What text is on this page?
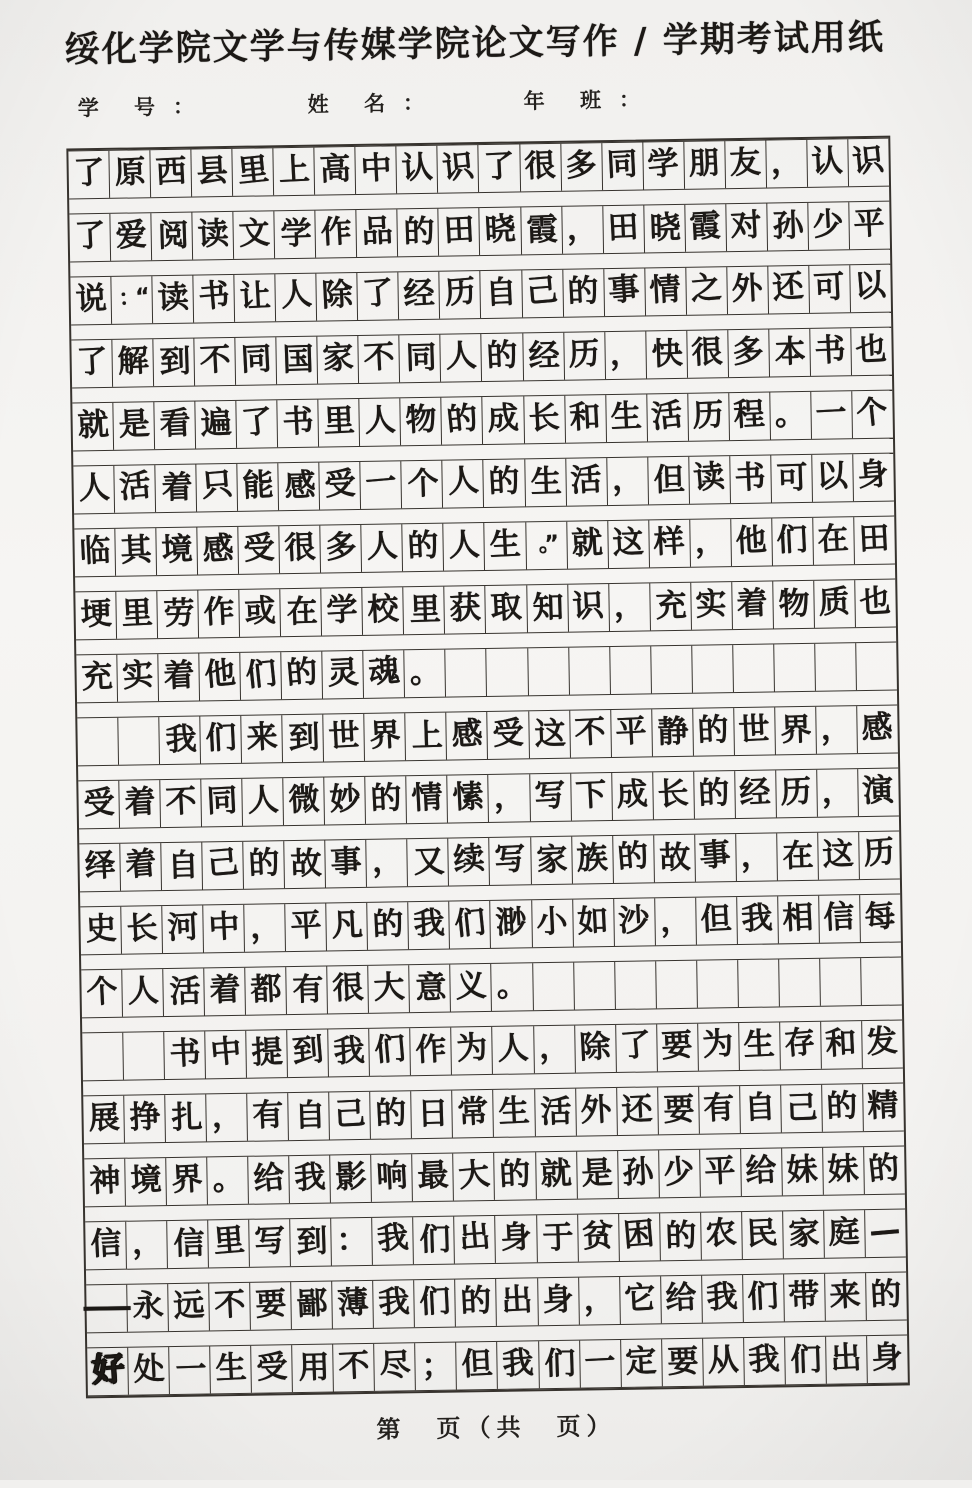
绥化学院文学与传媒学院论文写作 / 学期考试用纸
学 号 ：	姓 名 ：	年 班 ：
了 原 西 县 里 上 高 中 认 识 了 很 多 同 学 朋 友 ， 认 识
了 爱 阅 读 文 学 作 品 的 田 晓 霞 ， 田 晓 霞 对 孙 少 平
说 ：“ 读 书 让 人 除 了 经 历 自 己 的 事 情 之 外 还 可 以
了 解 到 不 同 国 家 不 同 人 的 经 历 ， 快 很 多 本 书 也
就 是 看 遍 了 书 里 人 物 的 成 长 和 生 活 历 程 。 一 个
人 活 着 只 能 感 受 一 个 人 的 生 活 ， 但 读 书 可 以 身
临 其 境 感 受 很 多 人 的 人 生 。” 就 这 样 ， 他 们 在 田
埂 里 劳 作 或 在 学 校 里 获 取 知 识 ， 充 实 着 物 质 也
充 实 着 他 们 的 灵 魂 。
我 们 来 到 世 界 上 感 受 这 不 平 静 的 世 界 ， 感
受 着 不 同 人 微 妙 的 情 愫 ， 写 下 成 长 的 经 历 ， 演
绎 着 自 己 的 故 事 ， 又 续 写 家 族 的 故 事 ， 在 这 历
史 长 河 中 ， 平 凡 的 我 们 渺 小 如 沙 ， 但 我 相 信 每
个 人 活 着 都 有 很 大 意 义 。
书 中 提 到 我 们 作 为 人 ， 除 了 要 为 生 存 和 发
展 挣 扎 ， 有 自 己 的 日 常 生 活 外 还 要 有 自 己 的 精
神 境 界 。 给 我 影 响 最 大 的 就 是 孙 少 平 给 妹 妹 的
信 ， 信 里 写 到 ： 我 们 出 身 于 贫 困 的 农 民 家 庭 —
—
永 远 不 要 鄙 薄 我 们 的 出 身 ， 它 给 我 们 带 来 的
好 处 一 生 受 用 不 尽 ； 但 我 们 一 定 要 从 我 们 出 身
第　页（共　页）
